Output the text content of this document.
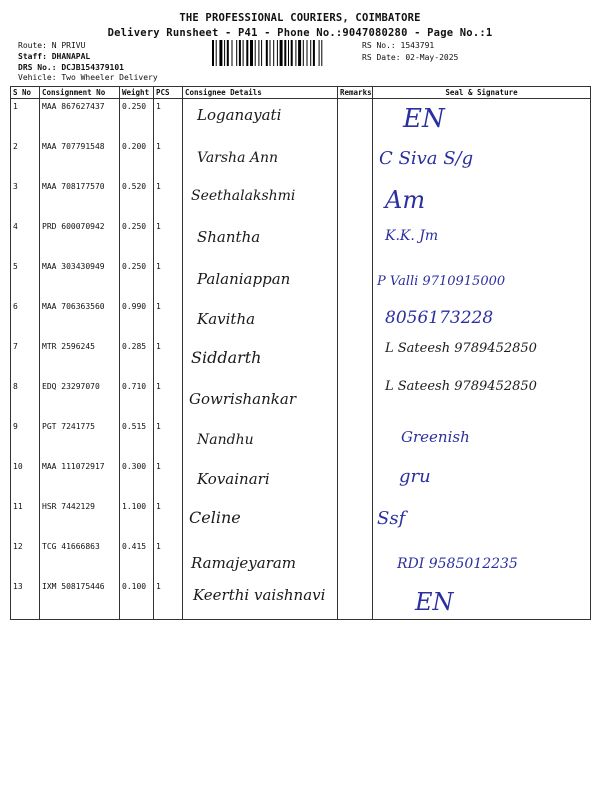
THE PROFESSIONAL COURIERS, COIMBATORE
Delivery Runsheet - P41 - Phone No.:9047080280 - Page No.:1
Route: N PRIVU
Staff: DHANAPAL
DRS No.: DCJB154379101
Vehicle: Two Wheeler Delivery
RS No.: 1543791
RS Date: 02-May-2025
S No	Consignment No	Weight	PCS	Consignee Details	Remarks	Seal & Signature
1	MAA 867627437	0.250	1	Loganayati		EN

2	MAA 707791548	0.200	1	Varsha Ann		C Siva S/g

3	MAA 708177570	0.520	1	Seethalakshmi		Am

4	PRD 600070942	0.250	1	Shantha		K.K. Jm

5	MAA 303430949	0.250	1	Palaniappan		P Valli 9710915000

6	MAA 706363560	0.990	1	Kavitha		8056173228

7	MTR 2596245	0.285	1	Siddarth		L Sateesh 9789452850

8	EDQ 23297070	0.710	1	Gowrishankar		L Sateesh 9789452850

9	PGT 7241775	0.515	1	Nandhu		Greenish

10	MAA 111072917	0.300	1	Kovainari		gru

11	HSR 7442129	1.100	1	Celine		Ssf

12	TCG 41666863	0.415	1	Ramajeyaram		RDI 9585012235

13	IXM 508175446	0.100	1	Keerthi vaishnavi		EN
